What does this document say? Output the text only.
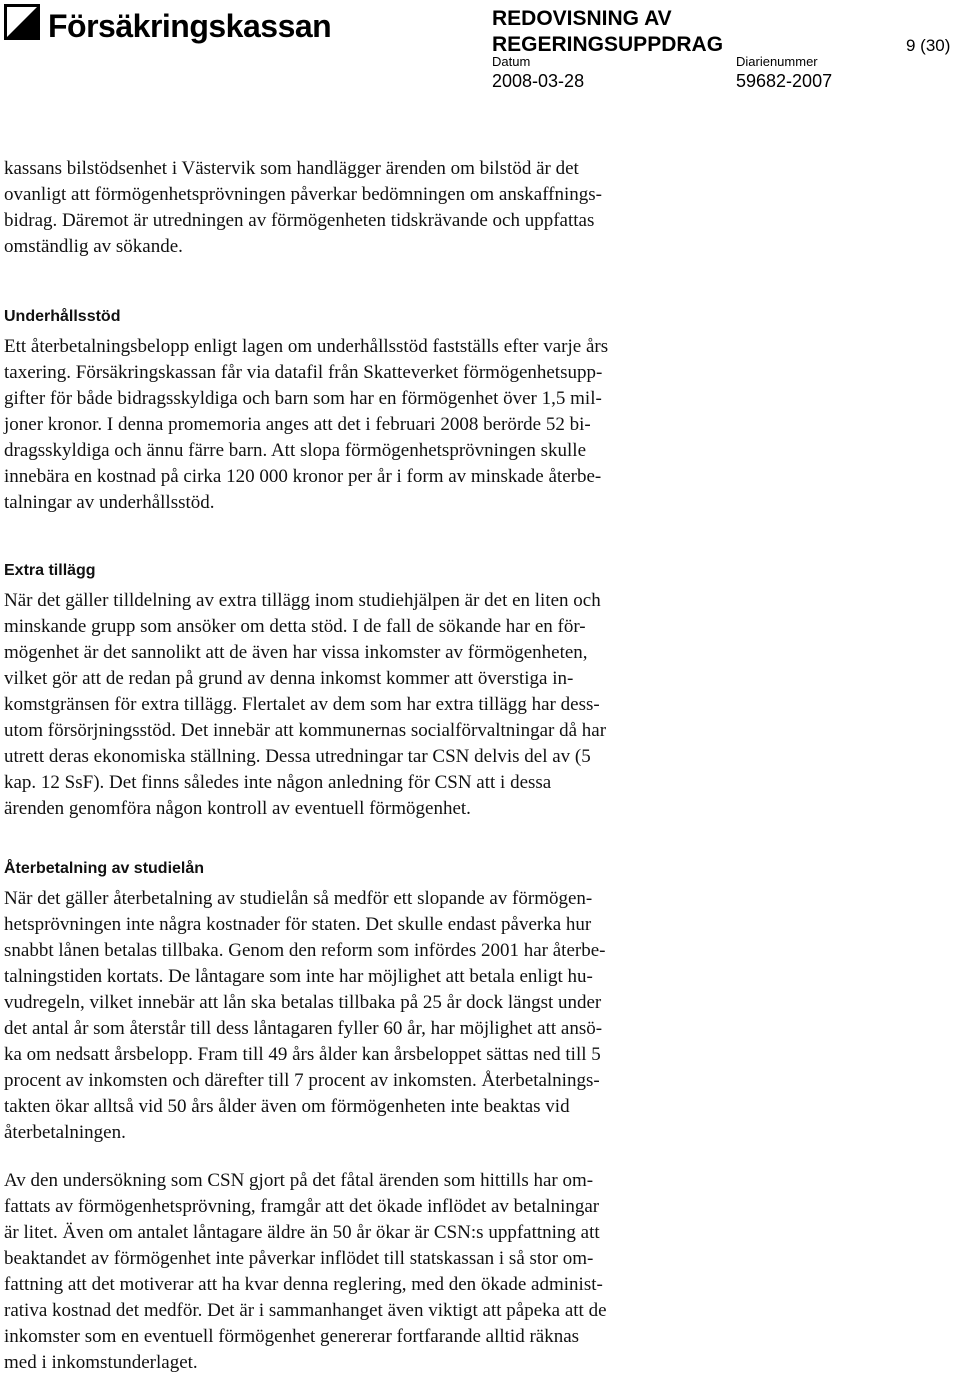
Försäkringskassan	REDOVISNING AV
REGERINGSUPPDRAG
Datum
2008-03-28
Diarienummer
59682-2007
9 (30)

kassans bilstödsenhet i Västervik som handlägger ärenden om bilstöd är det
ovanligt att förmögenhetsprövningen påverkar bedömningen om anskaffnings-
bidrag. Däremot är utredningen av förmögenheten tidskrävande och uppfattas
omständlig av sökande.

Underhållsstöd

Ett återbetalningsbelopp enligt lagen om underhållsstöd fastställs efter varje års
taxering. Försäkringskassan får via datafil från Skatteverket förmögenhetsupp-
gifter för både bidragsskyldiga och barn som har en förmögenhet över 1,5 mil-
joner kronor. I denna promemoria anges att det i februari 2008 berörde 52 bi-
dragsskyldiga och ännu färre barn. Att slopa förmögenhetsprövningen skulle
innebära en kostnad på cirka 120 000 kronor per år i form av minskade återbe-
talningar av underhållsstöd.

Extra tillägg

När det gäller tilldelning av extra tillägg inom studiehjälpen är det en liten och
minskande grupp som ansöker om detta stöd. I de fall de sökande har en för-
mögenhet är det sannolikt att de även har vissa inkomster av förmögenheten,
vilket gör att de redan på grund av denna inkomst kommer att överstiga in-
komstgränsen för extra tillägg. Flertalet av dem som har extra tillägg har dess-
utom försörjningsstöd. Det innebär att kommunernas socialförvaltningar då har
utrett deras ekonomiska ställning. Dessa utredningar tar CSN delvis del av (5
kap. 12 SsF). Det finns således inte någon anledning för CSN att i dessa
ärenden genomföra någon kontroll av eventuell förmögenhet.

Återbetalning av studielån

När det gäller återbetalning av studielån så medför ett slopande av förmögen-
hetsprövningen inte några kostnader för staten. Det skulle endast påverka hur
snabbt lånen betalas tillbaka. Genom den reform som infördes 2001 har återbe-
talningstiden kortats. De låntagare som inte har möjlighet att betala enligt hu-
vudregeln, vilket innebär att lån ska betalas tillbaka på 25 år dock längst under
det antal år som återstår till dess låntagaren fyller 60 år, har möjlighet att ansö-
ka om nedsatt årsbelopp. Fram till 49 års ålder kan årsbeloppet sättas ned till 5
procent av inkomsten och därefter till 7 procent av inkomsten. Återbetalnings-
takten ökar alltså vid 50 års ålder även om förmögenheten inte beaktas vid
återbetalningen.

Av den undersökning som CSN gjort på det fåtal ärenden som hittills har om-
fattats av förmögenhetsprövning, framgår att det ökade inflödet av betalningar
är litet. Även om antalet låntagare äldre än 50 år ökar är CSN:s uppfattning att
beaktandet av förmögenhet inte påverkar inflödet till statskassan i så stor om-
fattning att det motiverar att ha kvar denna reglering, med den ökade administ-
rativa kostnad det medför. Det är i sammanhanget även viktigt att påpeka att de
inkomster som en eventuell förmögenhet genererar fortfarande alltid räknas
med i inkomstunderlaget.
